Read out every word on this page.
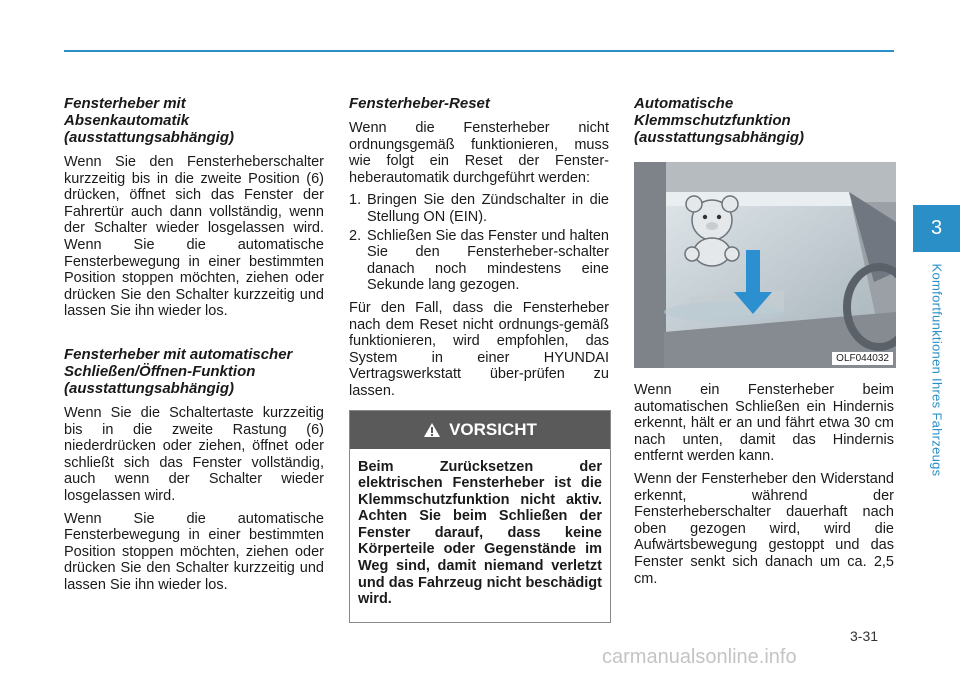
Fensterheber mit
Absenkautomatik
(ausstattungsabhängig)

Wenn Sie den Fensterheberschalter kurzzeitig bis in die zweite Position (6) drücken, öffnet sich das Fenster der Fahrertür auch dann vollständig, wenn der Schalter wieder losgelassen wird. Wenn Sie die automatische Fensterbewegung in einer bestimmten Position stoppen möchten, ziehen oder drücken Sie den Schalter kurzzeitig und lassen Sie ihn wieder los.

Fensterheber mit automatischer
Schließen/Öffnen-Funktion
(ausstattungsabhängig)

Wenn Sie die Schaltertaste kurzzeitig bis in die zweite Rastung (6) niederdrücken oder ziehen, öffnet oder schließt sich das Fenster vollständig, auch wenn der Schalter wieder losgelassen wird.

Wenn Sie die automatische Fensterbewegung in einer bestimmten Position stoppen möchten, ziehen oder drücken Sie den Schalter kurzzeitig und lassen Sie ihn wieder los.

Fensterheber-Reset

Wenn die Fensterheber nicht ordnungsgemäß funktionieren, muss wie folgt ein Reset der Fenster-heberautomatik durchgeführt werden:

1. Bringen Sie den Zündschalter in die Stellung ON (EIN).
2. Schließen Sie das Fenster und halten Sie den Fensterheber-schalter danach noch mindestens eine Sekunde lang gezogen.

Für den Fall, dass die Fensterheber nach dem Reset nicht ordnungs-gemäß funktionieren, wird empfohlen, das System in einer HYUNDAI Vertragswerkstatt über-prüfen zu lassen.

VORSICHT
Beim Zurücksetzen der elektrischen Fensterheber ist die Klemmschutzfunktion nicht aktiv. Achten Sie beim Schließen der Fenster darauf, dass keine Körperteile oder Gegenstände im Weg sind, damit niemand verletzt und das Fahrzeug nicht beschädigt wird.
Automatische
Klemmschutzfunktion
(ausstattungsabhängig)
OLF044032

Wenn ein Fensterheber beim automatischen Schließen ein Hindernis erkennt, hält er an und fährt etwa 30 cm nach unten, damit das Hindernis entfernt werden kann.

Wenn der Fensterheber den Widerstand erkennt, während der Fensterheberschalter dauerhaft nach oben gezogen wird, wird die Aufwärtsbewegung gestoppt und das Fenster senkt sich danach um ca. 2,5 cm.

3
Komfortfunktionen Ihres Fahrzeugs
3-31
carmanualsonline.info
